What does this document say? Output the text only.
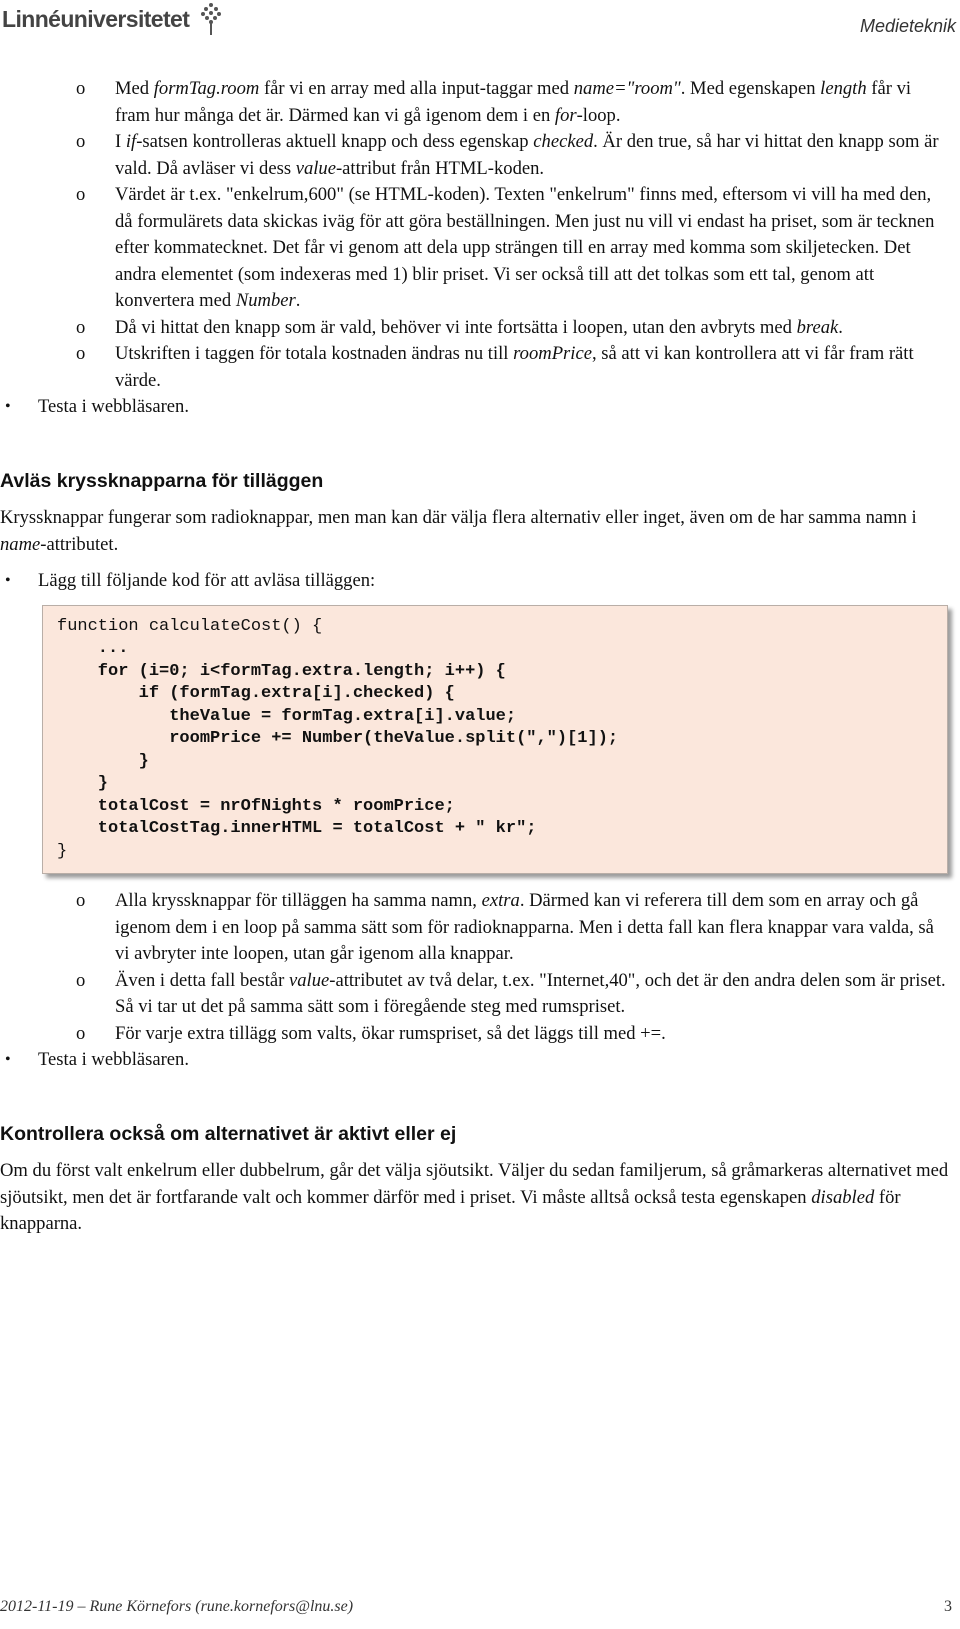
Linnéuniversitetet	Medieteknik
o Med formTag.room får vi en array med alla input-taggar med name="room". Med egenskapen length får vi fram hur många det är. Därmed kan vi gå igenom dem i en for-loop.
o I if-satsen kontrolleras aktuell knapp och dess egenskap checked. Är den true, så har vi hittat den knapp som är vald. Då avläser vi dess value-attribut från HTML-koden.
o Värdet är t.ex. "enkelrum,600" (se HTML-koden). Texten "enkelrum" finns med, eftersom vi vill ha med den, då formulärets data skickas iväg för att göra beställningen. Men just nu vill vi endast ha priset, som är tecknen efter kommatecknet. Det får vi genom att dela upp strängen till en array med komma som skiljetecken. Det andra elementet (som indexeras med 1) blir priset. Vi ser också till att det tolkas som ett tal, genom att konvertera med Number.
o Då vi hittat den knapp som är vald, behöver vi inte fortsätta i loopen, utan den avbryts med break.
o Utskriften i taggen för totala kostnaden ändras nu till roomPrice, så att vi kan kontrollera att vi får fram rätt värde.
• Testa i webbläsaren.
Avläs kryssknapparna för tilläggen

Kryssknappar fungerar som radioknappar, men man kan där välja flera alternativ eller inget, även om de har samma namn i name-attributet.

• Lägg till följande kod för att avläsa tilläggen:
function calculateCost() {
...
for (i=0; i<formTag.extra.length; i++) {
if (formTag.extra[i].checked) {
theValue = formTag.extra[i].value;
roomPrice += Number(theValue.split(",")[1]);
}
}
totalCost = nrOfNights * roomPrice;
totalCostTag.innerHTML = totalCost + " kr";
}
o Alla kryssknappar för tilläggen ha samma namn, extra. Därmed kan vi referera till dem som en array och gå igenom dem i en loop på samma sätt som för radioknapparna. Men i detta fall kan flera knappar vara valda, så vi avbryter inte loopen, utan går igenom alla knappar.
o Även i detta fall består value-attributet av två delar, t.ex. "Internet,40", och det är den andra delen som är priset. Så vi tar ut det på samma sätt som i föregående steg med rumspriset.
o För varje extra tillägg som valts, ökar rumspriset, så det läggs till med +=.
• Testa i webbläsaren.
Kontrollera också om alternativet är aktivt eller ej

Om du först valt enkelrum eller dubbelrum, går det välja sjöutsikt. Väljer du sedan familjerum, så gråmarkeras alternativet med sjöutsikt, men det är fortfarande valt och kommer därför med i priset. Vi måste alltså också testa egenskapen disabled för knapparna.

2012-11-19 – Rune Körnefors (rune.kornefors@lnu.se)	3
